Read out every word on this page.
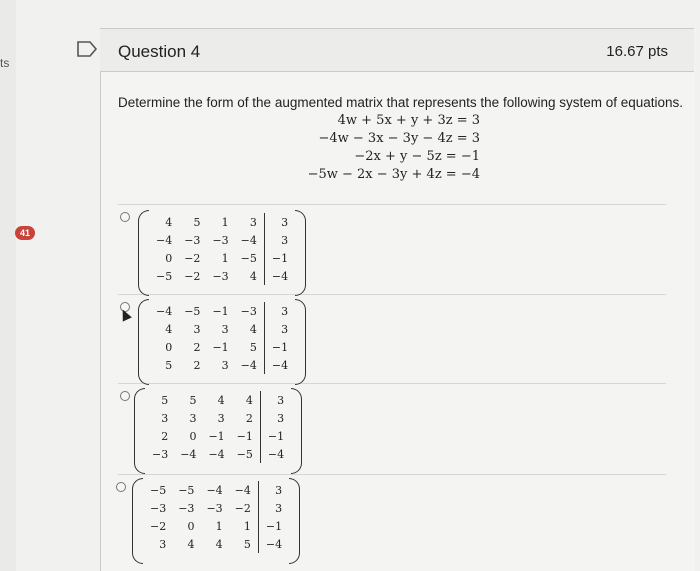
ts
41
Question 4	16.67 pts
Determine the form of the augmented matrix that represents the following system of equations.
4w + 5x + y + 3z = 3
−4w − 3x − 3y − 4z = 3
−2x + y − 5z = −1
−5w − 2x − 3y + 4z = −4
4	5	1	3	3
−4	−3	−3	−4	3
0	−2	1	−5	−1
−5	−2	−3	4	−4
−4	−5	−1	−3	3
4	3	3	4	3
0	2	−1	5	−1
5	2	3	−4	−4
5	5	4	4	3
3	3	3	2	3
2	0	−1	−1	−1
−3	−4	−4	−5	−4
−5	−5	−4	−4	3
−3	−3	−3	−2	3
−2	0	1	1	−1
3	4	4	5	−4
